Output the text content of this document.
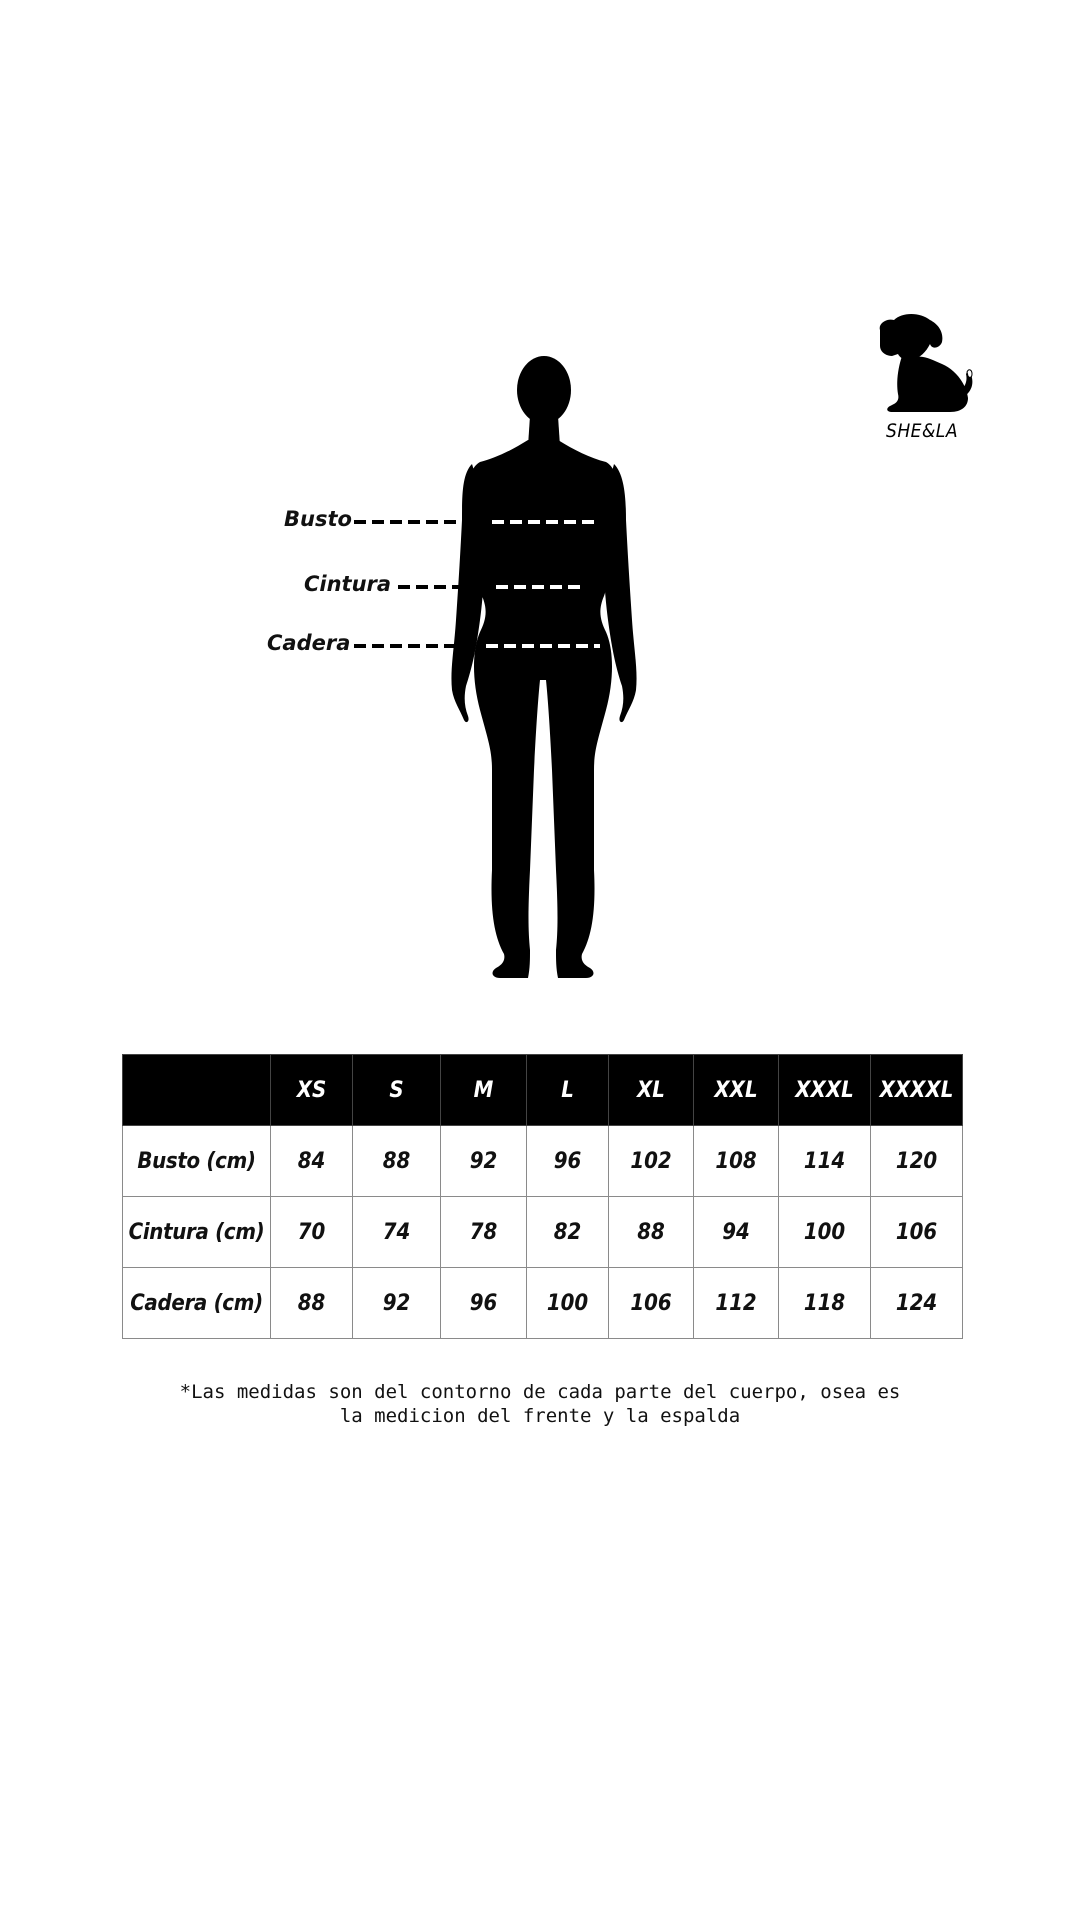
SHE&LA
Busto
Cintura
Cadera
	XS	S	M	L	XL	XXL	XXXL	XXXXL
Busto (cm)	84	88	92	96	102	108	114	120
Cintura (cm)	70	74	78	82	88	94	100	106
Cadera (cm)	88	92	96	100	106	112	118	124
*Las medidas son del contorno de cada parte del cuerpo, osea es
la medicion del frente y la espalda
